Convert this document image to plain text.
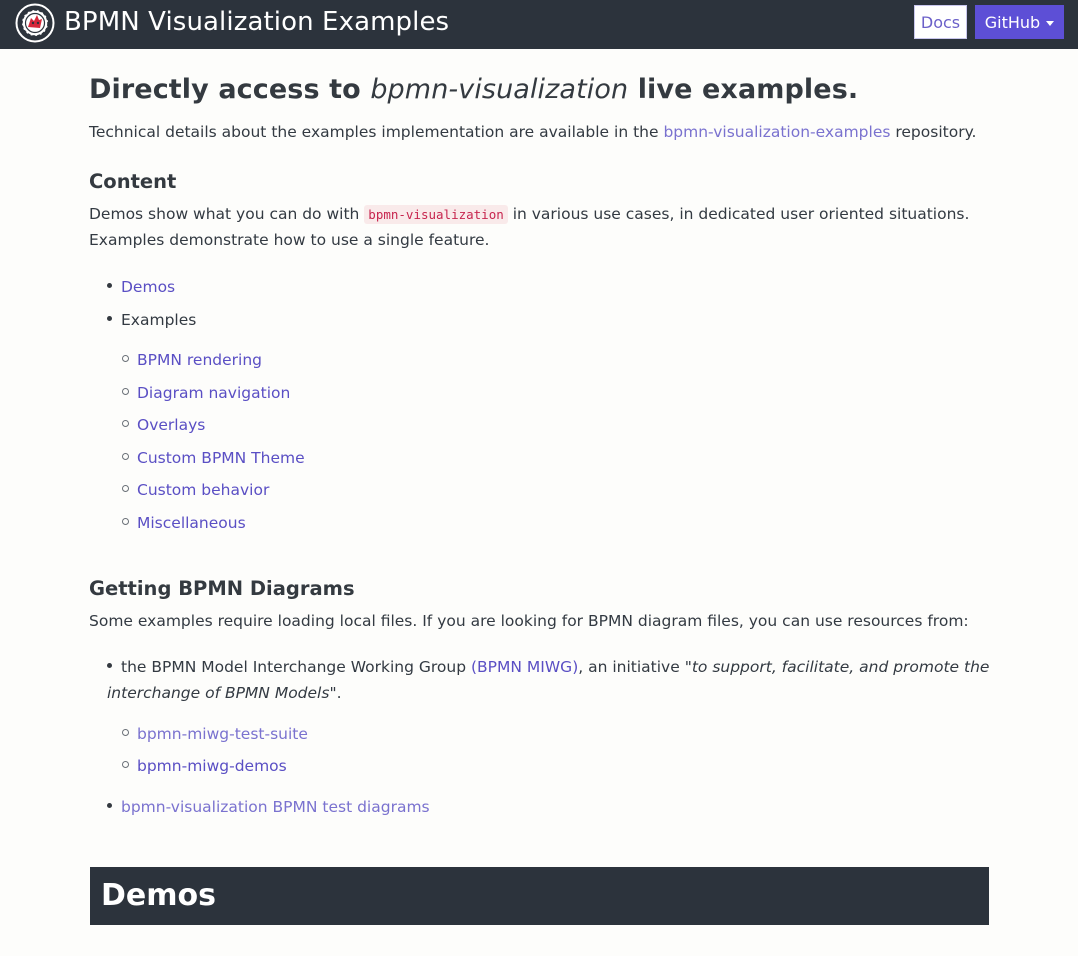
BPMN Visualization Examples	Docs GitHub
Directly access to bpmn-visualization live examples.
Technical details about the examples implementation are available in the bpmn-visualization-examples repository.
Content
Demos show what you can do with bpmn-visualization in various use cases, in dedicated user oriented situations.
Examples demonstrate how to use a single feature.
Demos
Examples
BPMN rendering
Diagram navigation
Overlays
Custom BPMN Theme
Custom behavior
Miscellaneous
Getting BPMN Diagrams
Some examples require loading local files. If you are looking for BPMN diagram files, you can use resources from:
the BPMN Model Interchange Working Group (BPMN MIWG), an initiative "to support, facilitate, and promote the
interchange of BPMN Models".
bpmn-miwg-test-suite
bpmn-miwg-demos
bpmn-visualization BPMN test diagrams
Demos
